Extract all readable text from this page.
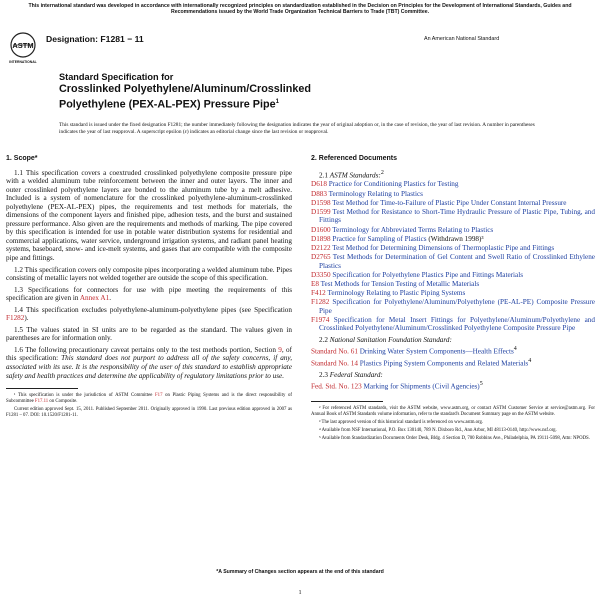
This international standard was developed in accordance with internationally recognized principles on standardization established in the Decision on Principles for the Development of International Standards, Guides and Recommendations issued by the World Trade Organization Technical Barriers to Trade (TBT) Committee.
ASTM
INTERNATIONAL
Designation: F1281 − 11	An American National Standard
Standard Specification for
Crosslinked Polyethylene/Aluminum/Crosslinked
Polyethylene (PEX-AL-PEX) Pressure Pipe$^1$
This standard is issued under the fixed designation F1281; the number immediately following the designation indicates the year of original adoption or, in the case of revision, the year of last revision. A number in parentheses indicates the year of last reapproval. A superscript epsilon (ε) indicates an editorial change since the last revision or reapproval.
1. Scope*

1.1 This specification covers a coextruded crosslinked polyethylene composite pressure pipe with a welded aluminum tube reinforcement between the inner and outer layers. The inner and outer crosslinked polyethylene layers are bonded to the aluminum tube by a melt adhesive. Included is a system of nomenclature for the crosslinked polyethylene-aluminum-crosslinked polyethylene (PEX-AL-PEX) pipes, the requirements and test methods for materials, the dimensions of the component layers and finished pipe, adhesion tests, and the burst and sustained pressure performance. Also given are the requirements and methods of marking. The pipe covered by this specification is intended for use in potable water distribution systems for residential and commercial applications, water service, underground irrigation systems, and radiant panel heating systems, baseboard, snow- and ice-melt systems, and gases that are compatible with the composite pipe and fittings.

1.2 This specification covers only composite pipes incorporating a welded aluminum tube. Pipes consisting of metallic layers not welded together are outside the scope of this specification.

1.3 Specifications for connectors for use with pipe meeting the requirements of this specification are given in Annex A1.

1.4 This specification excludes polyethylene-aluminum-polyethylene pipes (see Specification F1282).

1.5 The values stated in SI units are to be regarded as the standard. The values given in parentheses are for information only.

1.6 The following precautionary caveat pertains only to the test methods portion, Section 9, of this specification: This standard does not purport to address all of the safety concerns, if any, associated with its use. It is the responsibility of the user of this standard to establish appropriate safety and health practices and determine the applicability of regulatory limitations prior to use.

¹ This specification is under the jurisdiction of ASTM Committee F17 on Plastic Piping Systems and is the direct responsibility of Subcommittee F17.11 on Composite.

Current edition approved Sept. 15, 2011. Published September 2011. Originally approved in 1990. Last previous edition approved in 2007 as F1281 – 07. DOI: 10.1520/F1281-11.

2. Referenced Documents

2.1 ASTM Standards:$^2$

D618 Practice for Conditioning Plastics for Testing

D883 Terminology Relating to Plastics

D1598 Test Method for Time-to-Failure of Plastic Pipe Under Constant Internal Pressure

D1599 Test Method for Resistance to Short-Time Hydraulic Pressure of Plastic Pipe, Tubing, and Fittings

D1600 Terminology for Abbreviated Terms Relating to Plastics

D1898 Practice for Sampling of Plastics (Withdrawn 1998)³

D2122 Test Method for Determining Dimensions of Thermoplastic Pipe and Fittings

D2765 Test Methods for Determination of Gel Content and Swell Ratio of Crosslinked Ethylene Plastics

D3350 Specification for Polyethylene Plastics Pipe and Fittings Materials

E8 Test Methods for Tension Testing of Metallic Materials

F412 Terminology Relating to Plastic Piping Systems

F1282 Specification for Polyethylene/Aluminum/Polyethylene (PE-AL-PE) Composite Pressure Pipe

F1974 Specification for Metal Insert Fittings for Polyethylene/Aluminum/Polyethylene and Crosslinked Polyethylene/Aluminum/Crosslinked Polyethylene Composite Pressure Pipe

2.2 National Sanitation Foundation Standard:

Standard No. 61 Drinking Water System Components—Health Effects$^4$

Standard No. 14 Plastics Piping System Components and Related Materials$^4$

2.3 Federal Standard:

Fed. Std. No. 123 Marking for Shipments (Civil Agencies)$^5$

² For referenced ASTM standards, visit the ASTM website, www.astm.org, or contact ASTM Customer Service at service@astm.org. For Annual Book of ASTM Standards volume information, refer to the standard's Document Summary page on the ASTM website.

³ The last approved version of this historical standard is referenced on www.astm.org.

⁴ Available from NSF International, P.O. Box 130140, 789 N. Dixboro Rd., Ann Arbor, MI 48113-0140, http://www.nsf.org.

⁵ Available from Standardization Documents Order Desk, Bldg. 4 Section D, 700 Robbins Ave., Philadelphia, PA 19111-5098, Attn: NPODS.

*A Summary of Changes section appears at the end of this standard
1
